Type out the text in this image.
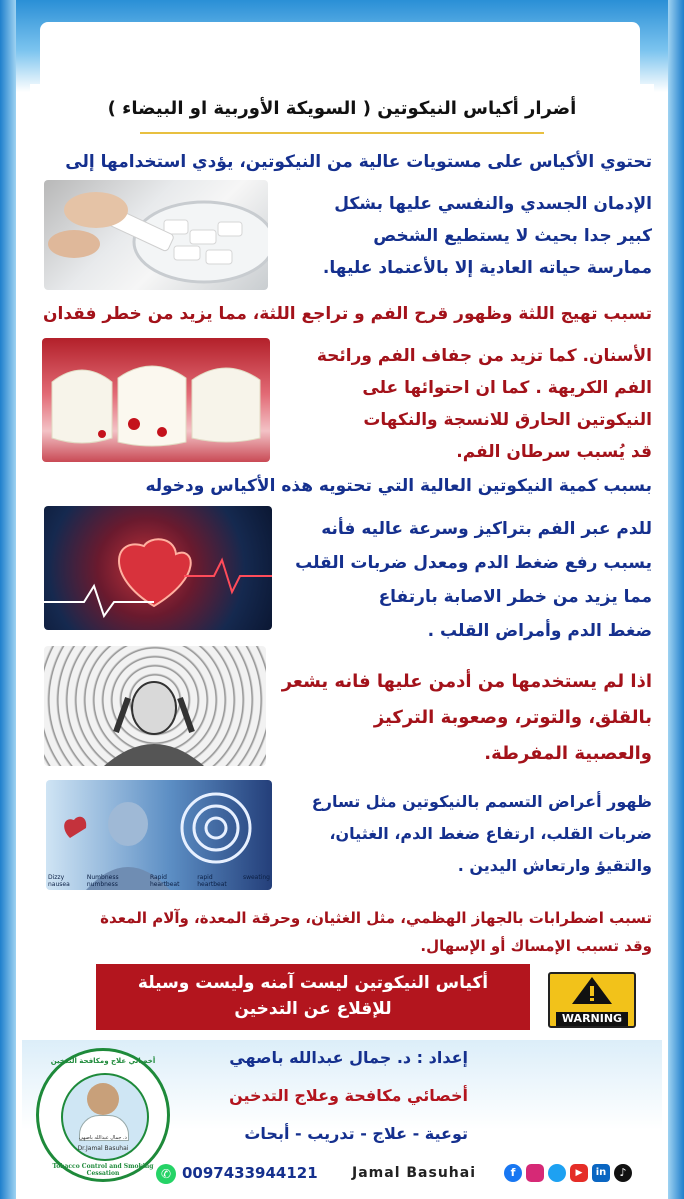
أضرار أكياس النيكوتين ( السويكة الأوربية او البيضاء )
تحتوي الأكياس على مستويات عالية من النيكوتين، يؤدي استخدامها إلى
الإدمان الجسدي والنفسي عليها بشكل
كبير جدا بحيث لا يستطيع الشخص
ممارسة حياته العادية إلا بالأعتماد عليها.
تسبب تهيج اللثة وظهور قرح الفم و تراجع اللثة، مما يزيد من خطر فقدان
الأسنان. كما تزيد من جفاف الفم ورائحة
الفم الكريهة . كما ان احتوائها على
النيكوتين الحارق للانسجة والنكهات
قد يُسبب سرطان الفم.
بسبب كمية النيكوتين العالية التي تحتويه هذه الأكياس ودخوله
للدم عبر الفم بتراكيز وسرعة عاليه فأنه
يسبب رفع ضغط الدم ومعدل ضربات القلب
مما يزيد من خطر الاصابة بارتفاع
ضغط الدم وأمراض القلب .
اذا لم يستخدمها من أدمن عليها فانه يشعر
بالقلق، والتوتر، وصعوبة التركيز
والعصبية المفرطة.
ظهور أعراض التسمم بالنيكوتين مثل تسارع
ضربات القلب، ارتفاع ضغط الدم، الغثيان،
والتقيؤ وارتعاش اليدين .
Dizzy nausea
Numbness numbness
Rapid heartbeat
rapid heartbeat
sweating
تسبب اضطرابات بالجهاز الهظمي، مثل الغثيان، وحرقة المعدة، وآلام المعدة
وقد تسبب الإمساك أو الإسهال.
أكياس النيكوتين ليست آمنه وليست وسيلة
للإقلاع عن التدخين	WARNING
أخصائي علاج ومكافحة التدخين
د. جمال عبدالله باصهي
Dr.Jamal Basuhai
Tobacco Control and Smoking Cessation
إعداد : د. جمال عبدالله باصهي
أخصائي مكافحة وعلاج التدخين
توعية - علاج - تدريب - أبحاث
✆ 0097433944121 Jamal Basuhai	f	▶	in	♪
